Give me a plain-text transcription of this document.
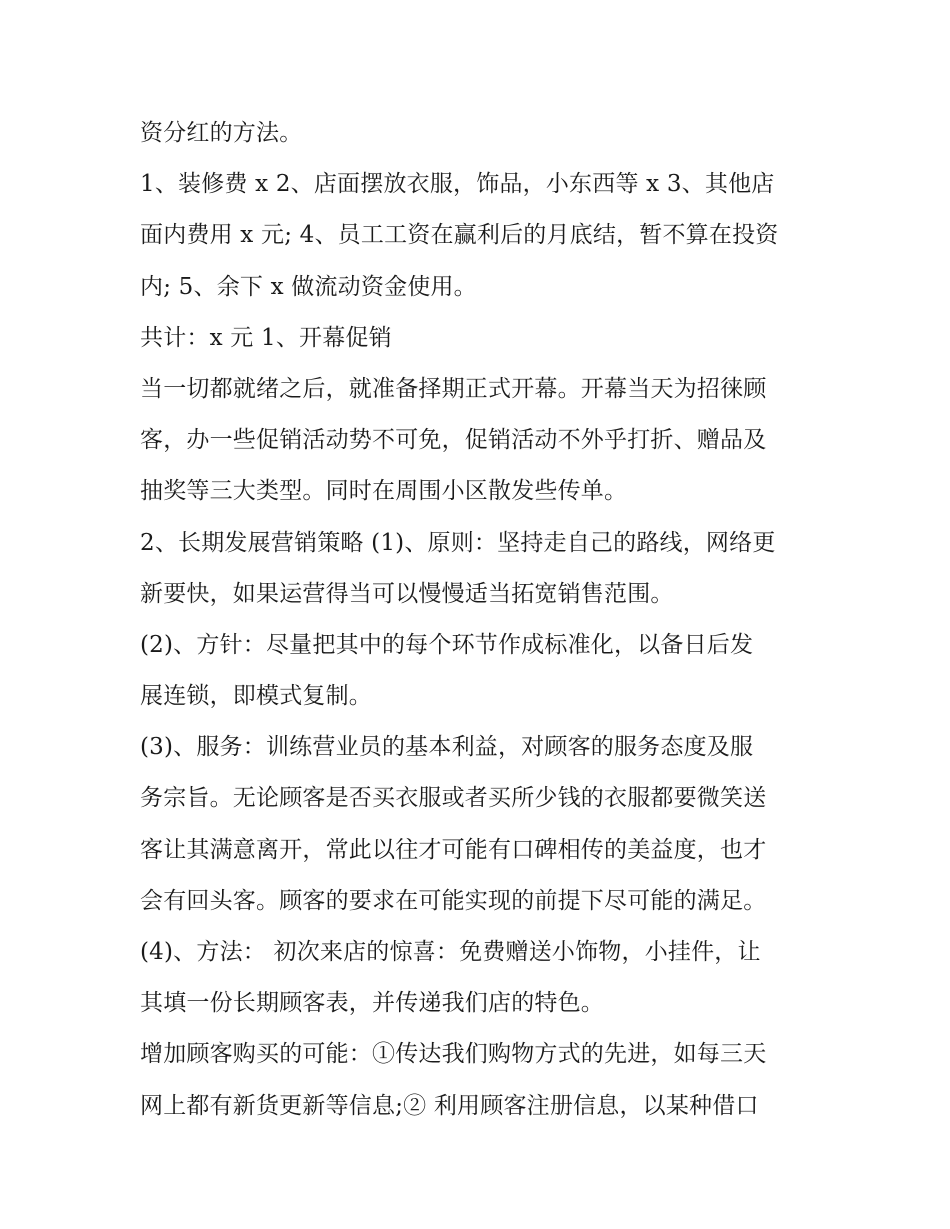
资分红的方法。
1、装修费 x 2、店面摆放衣服，饰品，小东西等 x 3、其他店
面内费用 x 元; 4、员工工资在赢利后的月底结，暂不算在投资
内; 5、余下 x 做流动资金使用。
共计：x 元 1、开幕促销
当一切都就绪之后，就准备择期正式开幕。开幕当天为招徕顾
客，办一些促销活动势不可免，促销活动不外乎打折、赠品及
抽奖等三大类型。同时在周围小区散发些传单。
2、长期发展营销策略 (1)、原则：坚持走自己的路线，网络更
新要快，如果运营得当可以慢慢适当拓宽销售范围。
(2)、方针：尽量把其中的每个环节作成标准化，以备日后发
展连锁，即模式复制。
(3)、服务：训练营业员的基本利益，对顾客的服务态度及服
务宗旨。无论顾客是否买衣服或者买所少钱的衣服都要微笑送
客让其满意离开，常此以往才可能有口碑相传的美益度，也才
会有回头客。顾客的要求在可能实现的前提下尽可能的满足。
(4)、方法： 初次来店的惊喜：免费赠送小饰物，小挂件，让
其填一份长期顾客表，并传递我们店的特色。
增加顾客购买的可能：①传达我们购物方式的先进，如每三天
网上都有新货更新等信息;② 利用顾客注册信息，以某种借口
